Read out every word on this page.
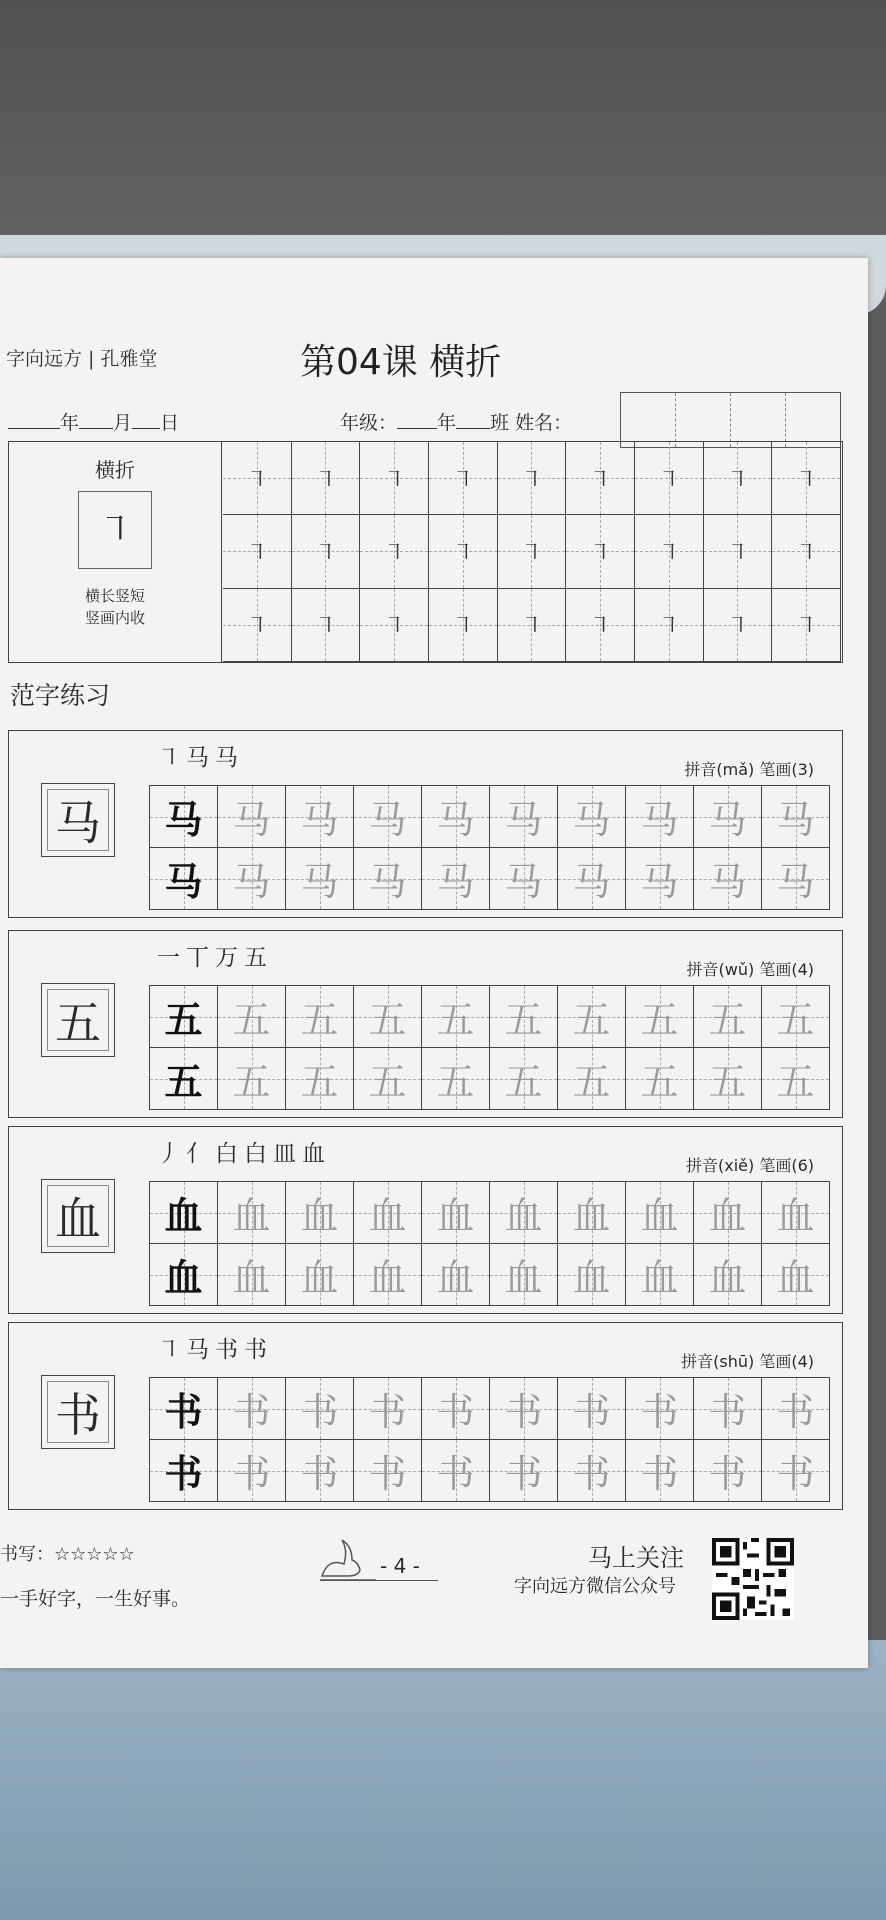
字向远方 | 孔雅堂	第04课 横折
年 月 日	年级： 年 班 姓名：
横折
㇕
横长竖短
竖画内收
㇕ ㇕ ㇕ ㇕ ㇕ ㇕ ㇕ ㇕ ㇕
㇕ ㇕ ㇕ ㇕ ㇕ ㇕ ㇕ ㇕ ㇕
㇕ ㇕ ㇕ ㇕ ㇕ ㇕ ㇕ ㇕ ㇕
范字练习
马
㇕马马	拼音(mǎ) 笔画(3)
马 马 马 马 马 马 马 马 马 马
马 马 马 马 马 马 马 马 马 马
五
一丅万五	拼音(wǔ) 笔画(4)
五 五 五 五 五 五 五 五 五 五
五 五 五 五 五 五 五 五 五 五
血
丿亻白白皿血	拼音(xiě) 笔画(6)
血 血 血 血 血 血 血 血 血 血
血 血 血 血 血 血 血 血 血 血
书
㇕马书书	拼音(shū) 笔画(4)
书 书 书 书 书 书 书 书 书 书
书 书 书 书 书 书 书 书 书 书
书写：☆☆☆☆☆
一手好字，一生好事。
- 4 -	马上关注
字向远方微信公众号
